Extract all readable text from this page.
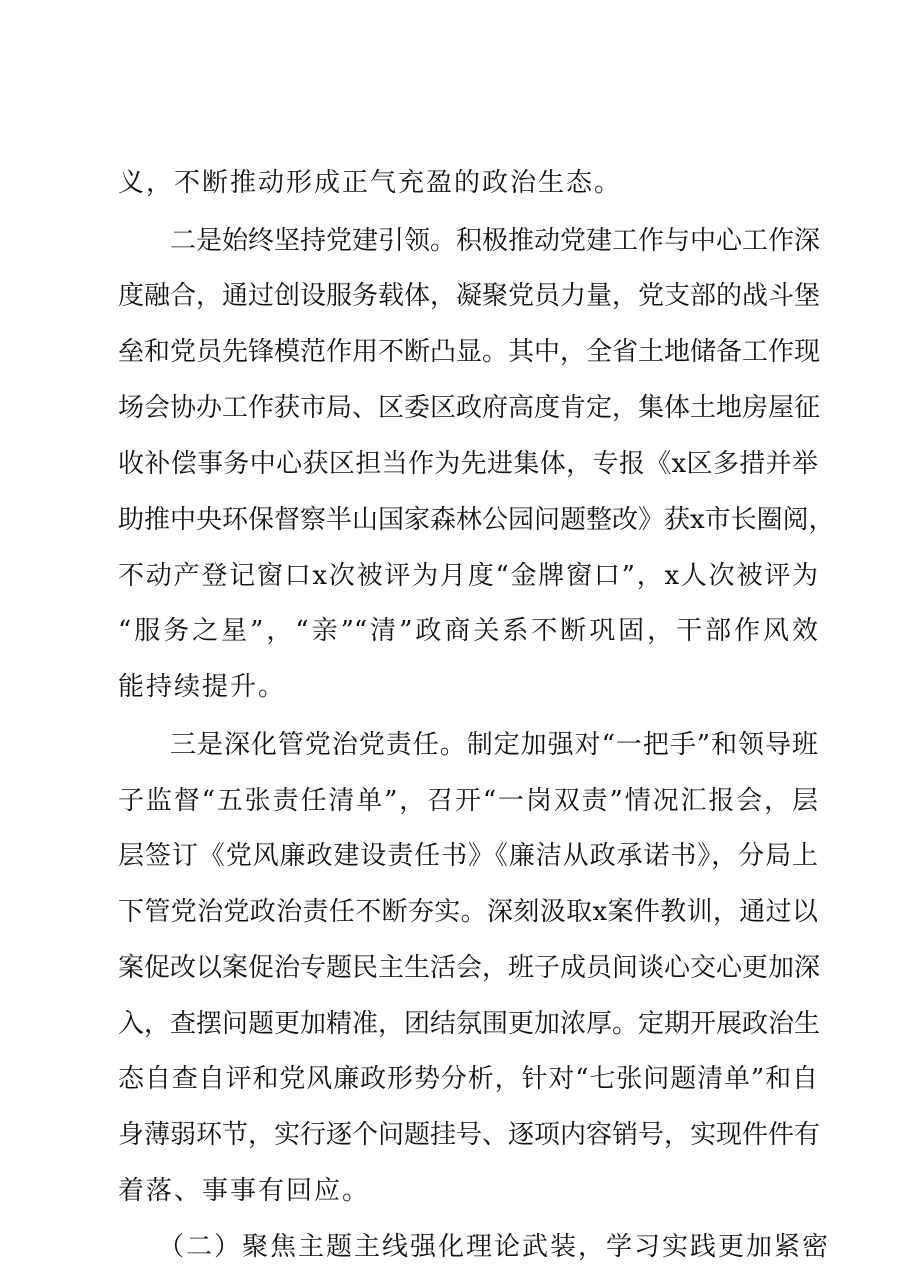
义，不断推动形成正气充盈的政治生态。
二是始终坚持党建引领。积极推动党建工作与中心工作深
度融合，通过创设服务载体，凝聚党员力量，党支部的战斗堡
垒和党员先锋模范作用不断凸显。其中，全省土地储备工作现
场会协办工作获市局、区委区政府高度肯定，集体土地房屋征
收补偿事务中心获区担当作为先进集体，专报《x区多措并举
助推中央环保督察半山国家森林公园问题整改》获x市长圈阅，
不动产登记窗口x次被评为月度“金牌窗口”，x人次被评为
“服务之星”，“亲”“清”政商关系不断巩固，干部作风效
能持续提升。
三是深化管党治党责任。制定加强对“一把手”和领导班
子监督“五张责任清单”，召开“一岗双责”情况汇报会，层
层签订《党风廉政建设责任书》《廉洁从政承诺书》，分局上
下管党治党政治责任不断夯实。深刻汲取x案件教训，通过以
案促改以案促治专题民主生活会，班子成员间谈心交心更加深
入，查摆问题更加精准，团结氛围更加浓厚。定期开展政治生
态自查自评和党风廉政形势分析，针对“七张问题清单”和自
身薄弱环节，实行逐个问题挂号、逐项内容销号，实现件件有
着落、事事有回应。
（二）聚焦主题主线强化理论武装，学习实践更加紧密
